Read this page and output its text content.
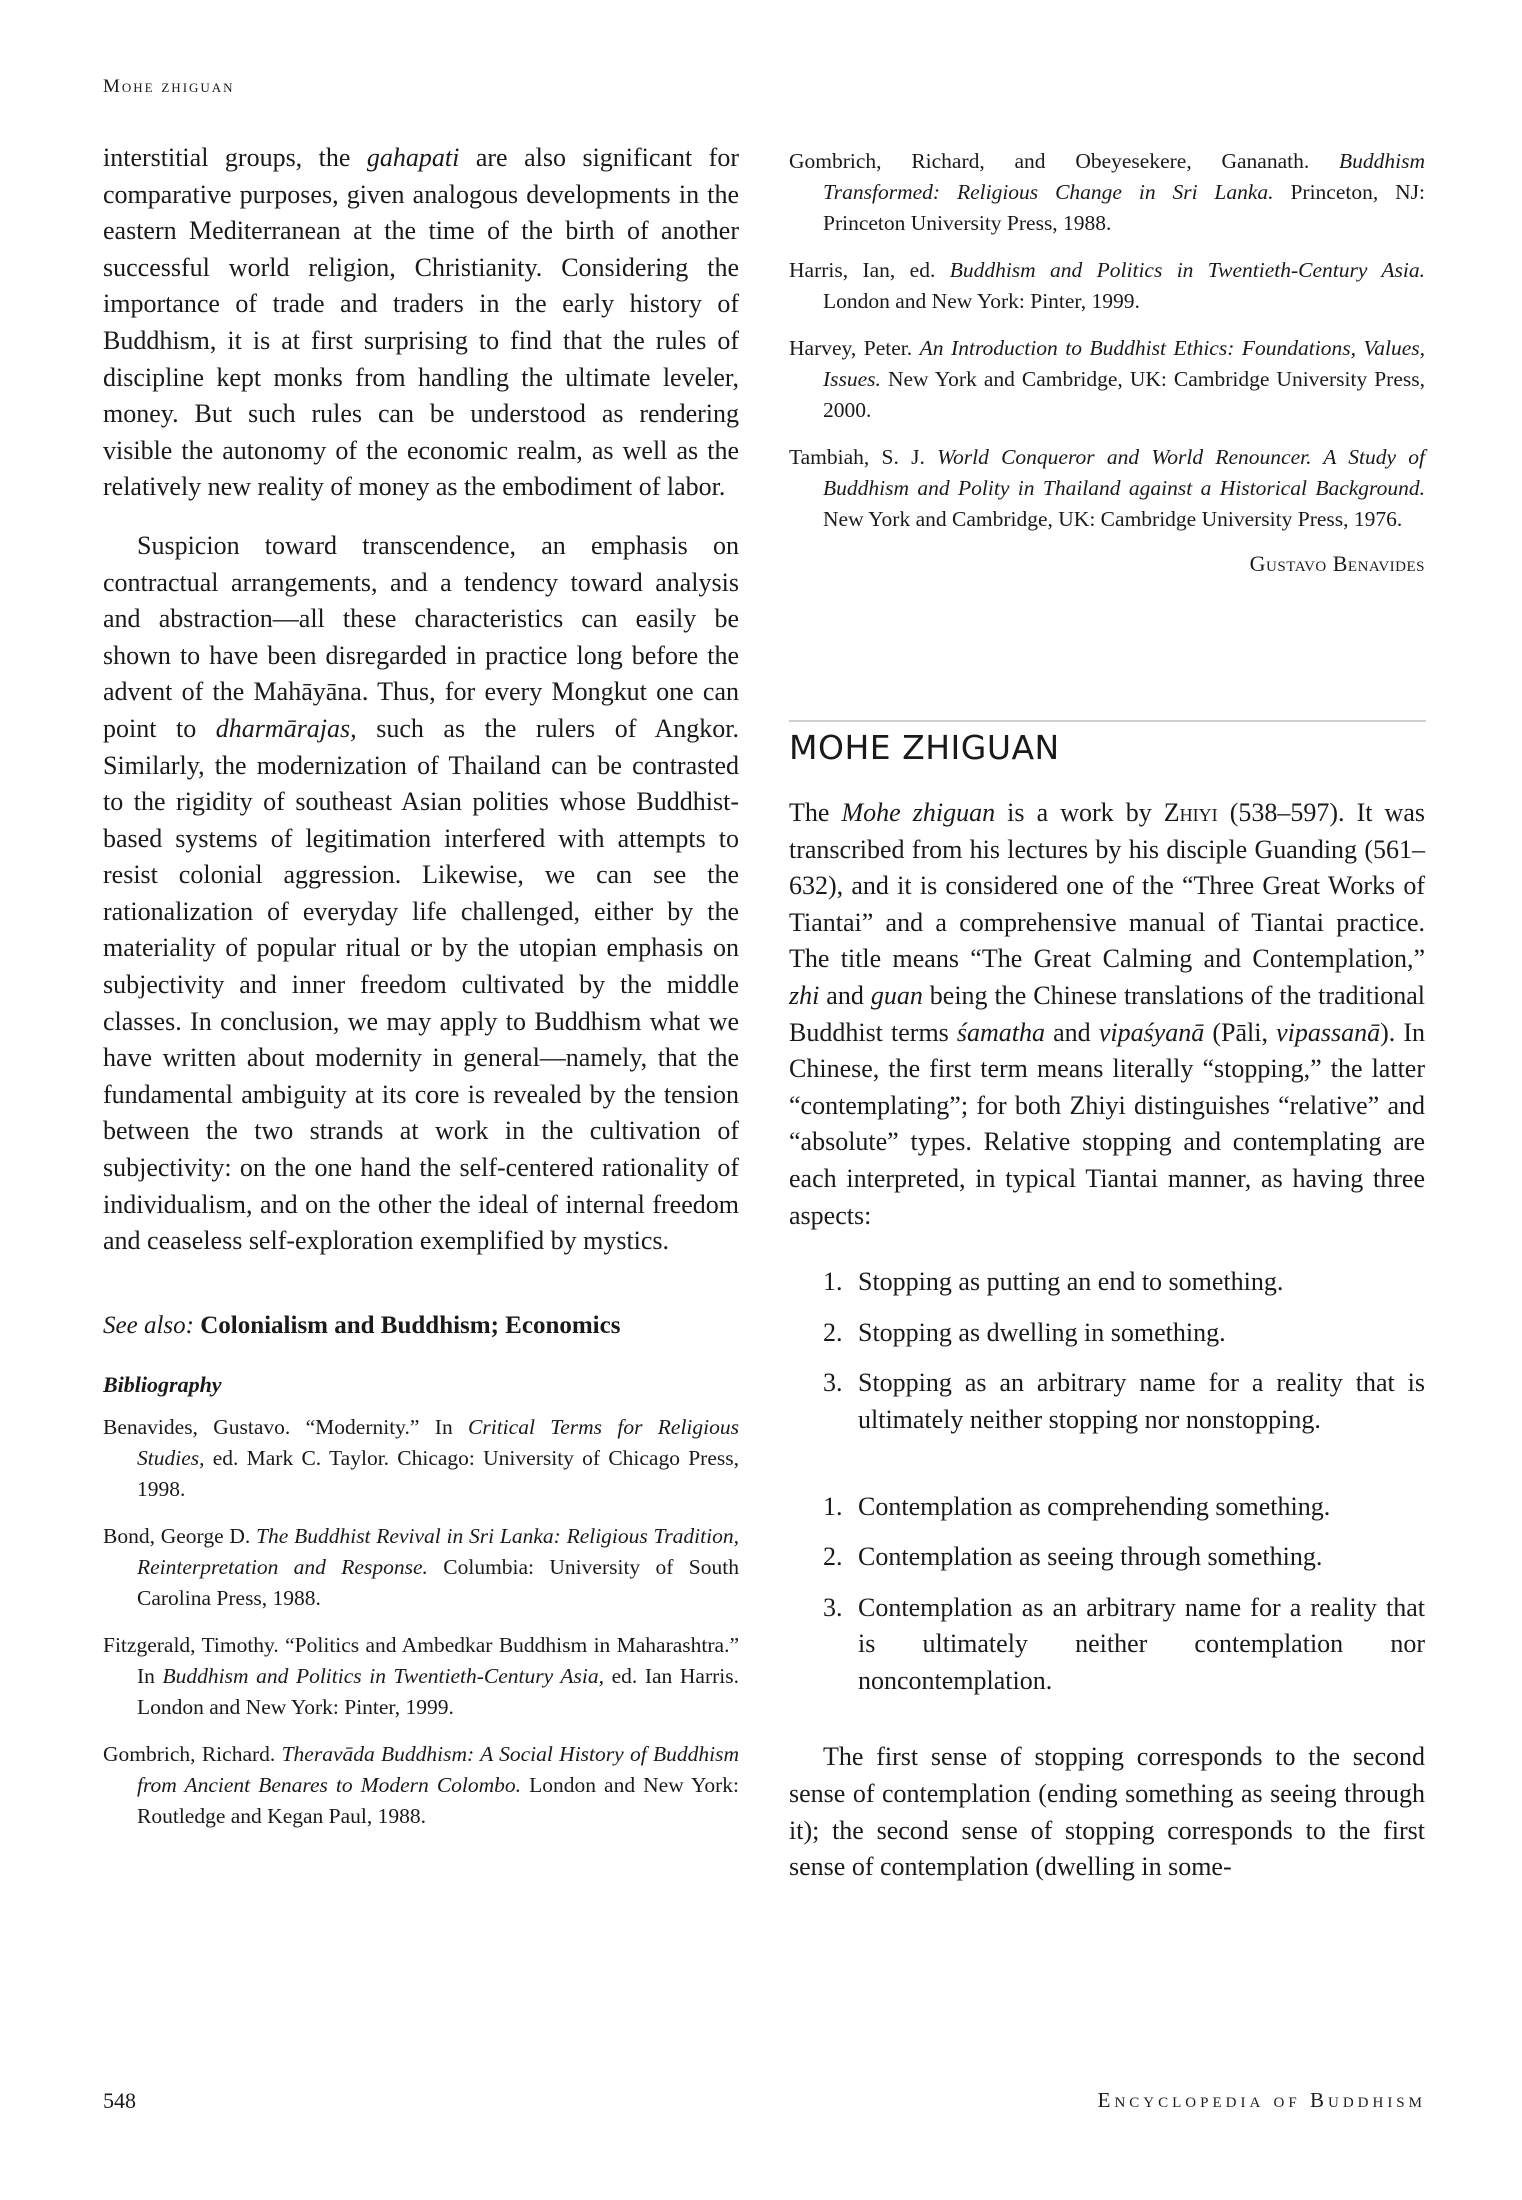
Mohe zhiguan

interstitial groups, the gahapati are also significant for comparative purposes, given analogous developments in the eastern Mediterranean at the time of the birth of another successful world religion, Christianity. Considering the importance of trade and traders in the early history of Buddhism, it is at first surprising to find that the rules of discipline kept monks from handling the ultimate leveler, money. But such rules can be understood as rendering visible the autonomy of the economic realm, as well as the relatively new reality of money as the embodiment of labor.

Suspicion toward transcendence, an emphasis on contractual arrangements, and a tendency toward analysis and abstraction—all these characteristics can easily be shown to have been disregarded in practice long before the advent of the Mahāyāna. Thus, for every Mongkut one can point to dharmārajas, such as the rulers of Angkor. Similarly, the modernization of Thailand can be contrasted to the rigidity of southeast Asian polities whose Buddhist-based systems of legitimation interfered with attempts to resist colonial aggression. Likewise, we can see the rationalization of everyday life challenged, either by the materiality of popular ritual or by the utopian emphasis on subjectivity and inner freedom cultivated by the middle classes. In conclusion, we may apply to Buddhism what we have written about modernity in general—namely, that the fundamental ambiguity at its core is revealed by the tension between the two strands at work in the cultivation of subjectivity: on the one hand the self-centered rationality of individualism, and on the other the ideal of internal freedom and ceaseless self-exploration exemplified by mystics.

See also: Colonialism and Buddhism; Economics

Bibliography

Benavides, Gustavo. “Modernity.” In Critical Terms for Religious Studies, ed. Mark C. Taylor. Chicago: University of Chicago Press, 1998.

Bond, George D. The Buddhist Revival in Sri Lanka: Religious Tradition, Reinterpretation and Response. Columbia: University of South Carolina Press, 1988.

Fitzgerald, Timothy. “Politics and Ambedkar Buddhism in Maharashtra.” In Buddhism and Politics in Twentieth-Century Asia, ed. Ian Harris. London and New York: Pinter, 1999.

Gombrich, Richard. Theravāda Buddhism: A Social History of Buddhism from Ancient Benares to Modern Colombo. London and New York: Routledge and Kegan Paul, 1988.

Gombrich, Richard, and Obeyesekere, Gananath. Buddhism Transformed: Religious Change in Sri Lanka. Princeton, NJ: Princeton University Press, 1988.

Harris, Ian, ed. Buddhism and Politics in Twentieth-Century Asia. London and New York: Pinter, 1999.

Harvey, Peter. An Introduction to Buddhist Ethics: Foundations, Values, Issues. New York and Cambridge, UK: Cambridge University Press, 2000.

Tambiah, S. J. World Conqueror and World Renouncer. A Study of Buddhism and Polity in Thailand against a Historical Background. New York and Cambridge, UK: Cambridge University Press, 1976.

Gustavo Benavides
MOHE ZHIGUAN

The Mohe zhiguan is a work by Zhiyi (538–597). It was transcribed from his lectures by his disciple Guanding (561–632), and it is considered one of the “Three Great Works of Tiantai” and a comprehensive manual of Tiantai practice. The title means “The Great Calming and Contemplation,” zhi and guan being the Chinese translations of the traditional Buddhist terms śamatha and vipaśyanā (Pāli, vipassanā). In Chinese, the first term means literally “stopping,” the latter “contemplating”; for both Zhiyi distinguishes “relative” and “absolute” types. Relative stopping and contemplating are each interpreted, in typical Tiantai manner, as having three aspects:

1. Stopping as putting an end to something.
2. Stopping as dwelling in something.
3. Stopping as an arbitrary name for a reality that is ultimately neither stopping nor nonstopping.
1. Contemplation as comprehending something.
2. Contemplation as seeing through something.
3. Contemplation as an arbitrary name for a reality that is ultimately neither contemplation nor noncontemplation.

The first sense of stopping corresponds to the second sense of contemplation (ending something as seeing through it); the second sense of stopping corresponds to the first sense of contemplation (dwelling in some-

548	Encyclopedia of Buddhism
